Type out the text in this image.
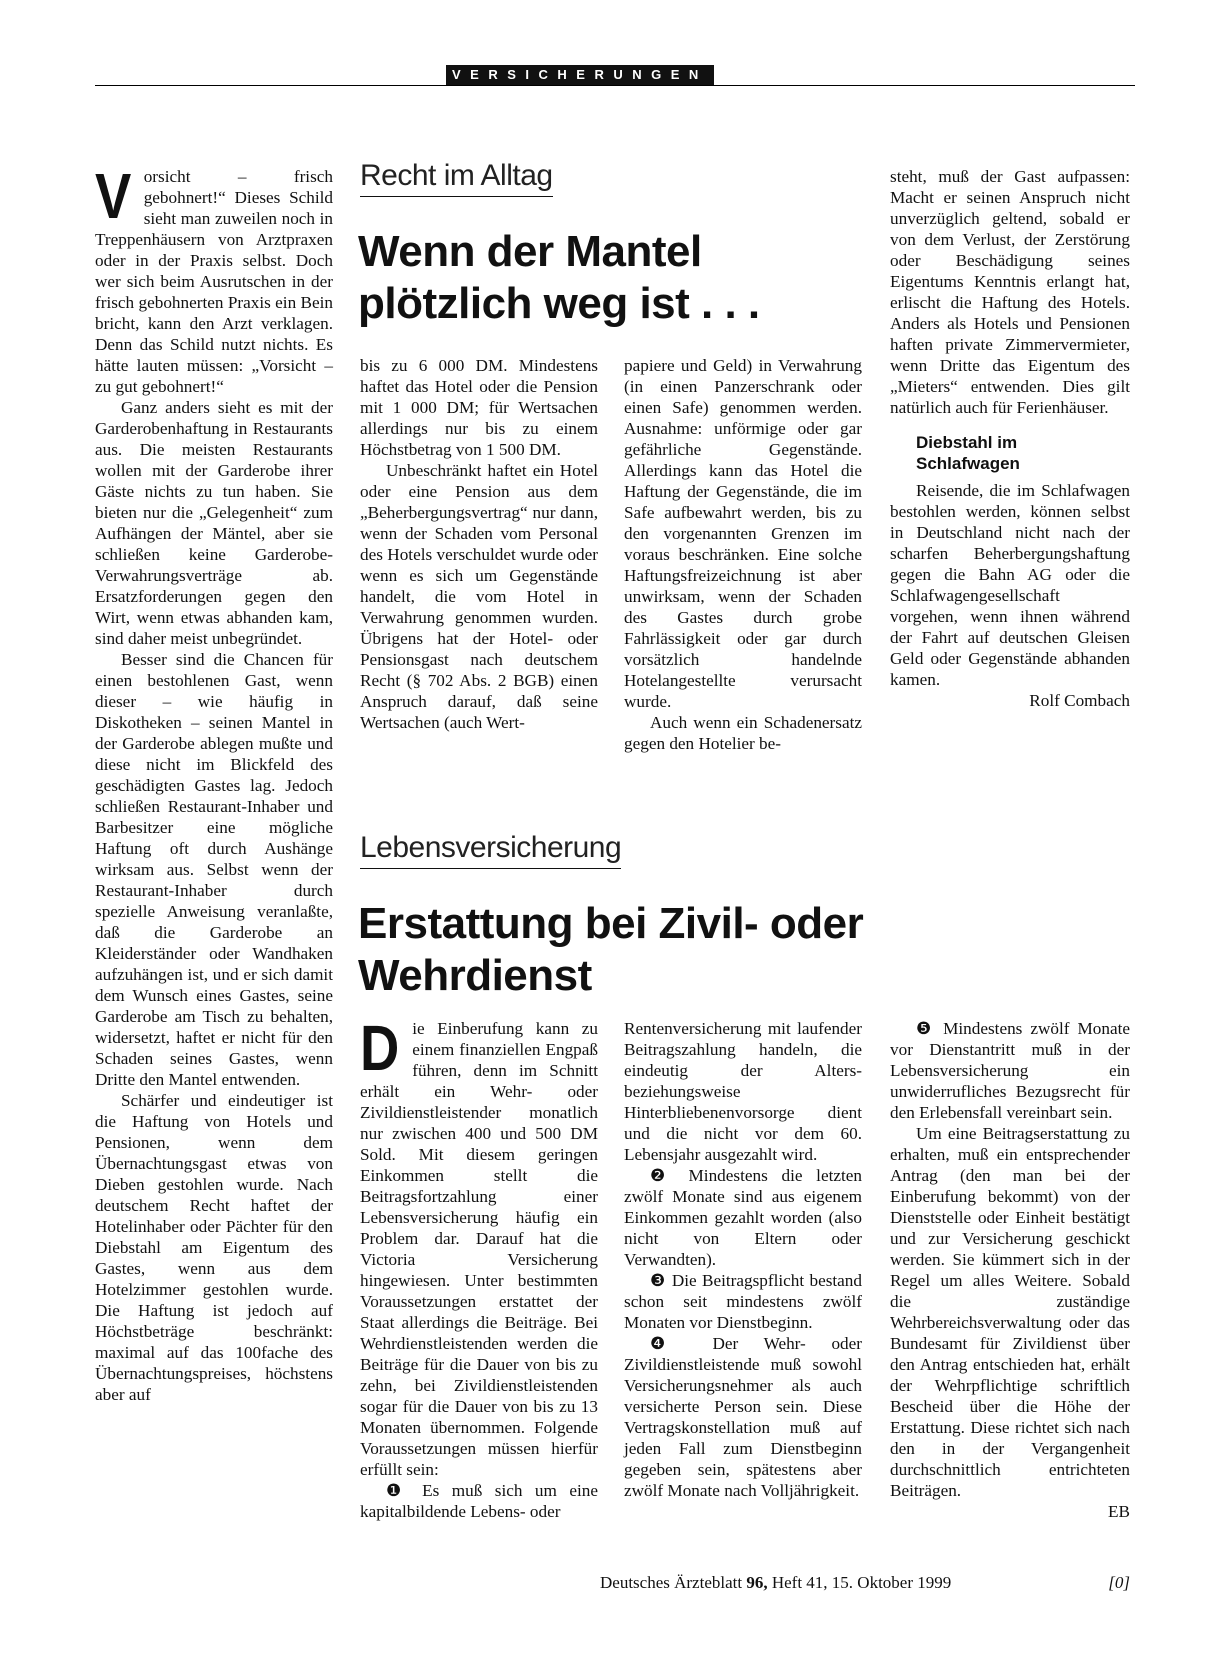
VERSICHERUNGEN
Recht im Alltag
Wenn der Mantel
plötzlich weg ist . . .

Vorsicht – frisch gebohnert!“ Dieses Schild sieht man zuweilen noch in Treppenhäusern von Arztpraxen oder in der Praxis selbst. Doch wer sich beim Ausrutschen in der frisch gebohnerten Praxis ein Bein bricht, kann den Arzt verklagen. Denn das Schild nutzt nichts. Es hätte lauten müssen: „Vorsicht – zu gut gebohnert!“

Ganz anders sieht es mit der Garderobenhaftung in Restaurants aus. Die meisten Restaurants wollen mit der Garderobe ihrer Gäste nichts zu tun haben. Sie bieten nur die „Gelegenheit“ zum Aufhängen der Mäntel, aber sie schließen keine Garderobe-Verwahrungsverträge ab. Ersatzforderungen gegen den Wirt, wenn etwas abhanden kam, sind daher meist unbegründet.

Besser sind die Chancen für einen bestohlenen Gast, wenn dieser – wie häufig in Diskotheken – seinen Mantel in der Garderobe ablegen mußte und diese nicht im Blickfeld des geschädigten Gastes lag. Jedoch schließen Restaurant-Inhaber und Barbesitzer eine mögliche Haftung oft durch Aushänge wirksam aus. Selbst wenn der Restaurant-Inhaber durch spezielle Anweisung veranlaßte, daß die Garderobe an Kleiderständer oder Wandhaken aufzuhängen ist, und er sich damit dem Wunsch eines Gastes, seine Garderobe am Tisch zu behalten, widersetzt, haftet er nicht für den Schaden seines Gastes, wenn Dritte den Mantel entwenden.

Schärfer und eindeutiger ist die Haftung von Hotels und Pensionen, wenn dem Übernachtungsgast etwas von Dieben gestohlen wurde. Nach deutschem Recht haftet der Hotelinhaber oder Pächter für den Diebstahl am Eigentum des Gastes, wenn aus dem Hotelzimmer gestohlen wurde. Die Haftung ist jedoch auf Höchstbeträge beschränkt: maximal auf das 100fache des Übernachtungspreises, höchstens aber auf

bis zu 6 000 DM. Mindestens haftet das Hotel oder die Pension mit 1 000 DM; für Wertsachen allerdings nur bis zu einem Höchstbetrag von 1 500 DM.

Unbeschränkt haftet ein Hotel oder eine Pension aus dem „Beherbergungsvertrag“ nur dann, wenn der Schaden vom Personal des Hotels verschuldet wurde oder wenn es sich um Gegenstände handelt, die vom Hotel in Verwahrung genommen wurden. Übrigens hat der Hotel- oder Pensionsgast nach deutschem Recht (§ 702 Abs. 2 BGB) einen Anspruch darauf, daß seine Wertsachen (auch Wert-

papiere und Geld) in Verwahrung (in einen Panzerschrank oder einen Safe) genommen werden. Ausnahme: unförmige oder gar gefährliche Gegenstände. Allerdings kann das Hotel die Haftung der Gegenstände, die im Safe aufbewahrt werden, bis zu den vorgenannten Grenzen im voraus beschränken. Eine solche Haftungsfreizeichnung ist aber unwirksam, wenn der Schaden des Gastes durch grobe Fahrlässigkeit oder gar durch vorsätzlich handelnde Hotelangestellte verursacht wurde.

Auch wenn ein Schadenersatz gegen den Hotelier be-

steht, muß der Gast aufpassen: Macht er seinen Anspruch nicht unverzüglich geltend, sobald er von dem Verlust, der Zerstörung oder Beschädigung seines Eigentums Kenntnis erlangt hat, erlischt die Haftung des Hotels. Anders als Hotels und Pensionen haften private Zimmervermieter, wenn Dritte das Eigentum des „Mieters“ entwenden. Dies gilt natürlich auch für Ferienhäuser.

Diebstahl im
Schlafwagen

Reisende, die im Schlafwagen bestohlen werden, können selbst in Deutschland nicht nach der scharfen Beherbergungshaftung gegen die Bahn AG oder die Schlafwagengesellschaft vorgehen, wenn ihnen während der Fahrt auf deutschen Gleisen Geld oder Gegenstände abhanden kamen.

Rolf Combach

Lebensversicherung
Erstattung bei Zivil- oder
Wehrdienst

Die Einberufung kann zu einem finanziellen Engpaß führen, denn im Schnitt erhält ein Wehr- oder Zivildienstleistender monatlich nur zwischen 400 und 500 DM Sold. Mit diesem geringen Einkommen stellt die Beitragsfortzahlung einer Lebensversicherung häufig ein Problem dar. Darauf hat die Victoria Versicherung hingewiesen. Unter bestimmten Voraussetzungen erstattet der Staat allerdings die Beiträge. Bei Wehrdienstleistenden werden die Beiträge für die Dauer von bis zu zehn, bei Zivildienstleistenden sogar für die Dauer von bis zu 13 Monaten übernommen. Folgende Voraussetzungen müssen hierfür erfüllt sein:

❶ Es muß sich um eine kapitalbildende Lebens- oder

Rentenversicherung mit laufender Beitragszahlung handeln, die eindeutig der Alters- beziehungsweise Hinterbliebenenvorsorge dient und die nicht vor dem 60. Lebensjahr ausgezahlt wird.

❷ Mindestens die letzten zwölf Monate sind aus eigenem Einkommen gezahlt worden (also nicht von Eltern oder Verwandten).

❸ Die Beitragspflicht bestand schon seit mindestens zwölf Monaten vor Dienstbeginn.

❹ Der Wehr- oder Zivildienstleistende muß sowohl Versicherungsnehmer als auch versicherte Person sein. Diese Vertragskonstellation muß auf jeden Fall zum Dienstbeginn gegeben sein, spätestens aber zwölf Monate nach Volljährigkeit.

❺ Mindestens zwölf Monate vor Dienstantritt muß in der Lebensversicherung ein unwiderrufliches Bezugsrecht für den Erlebensfall vereinbart sein.

Um eine Beitragserstattung zu erhalten, muß ein entsprechender Antrag (den man bei der Einberufung bekommt) von der Dienststelle oder Einheit bestätigt und zur Versicherung geschickt werden. Sie kümmert sich in der Regel um alles Weitere. Sobald die zuständige Wehrbereichsverwaltung oder das Bundesamt für Zivildienst über den Antrag entschieden hat, erhält der Wehrpflichtige schriftlich Bescheid über die Höhe der Erstattung. Diese richtet sich nach den in der Vergangenheit durchschnittlich entrichteten Beiträgen.

EB

Deutsches Ärzteblatt 96, Heft 41, 15. Oktober 1999	[0]
